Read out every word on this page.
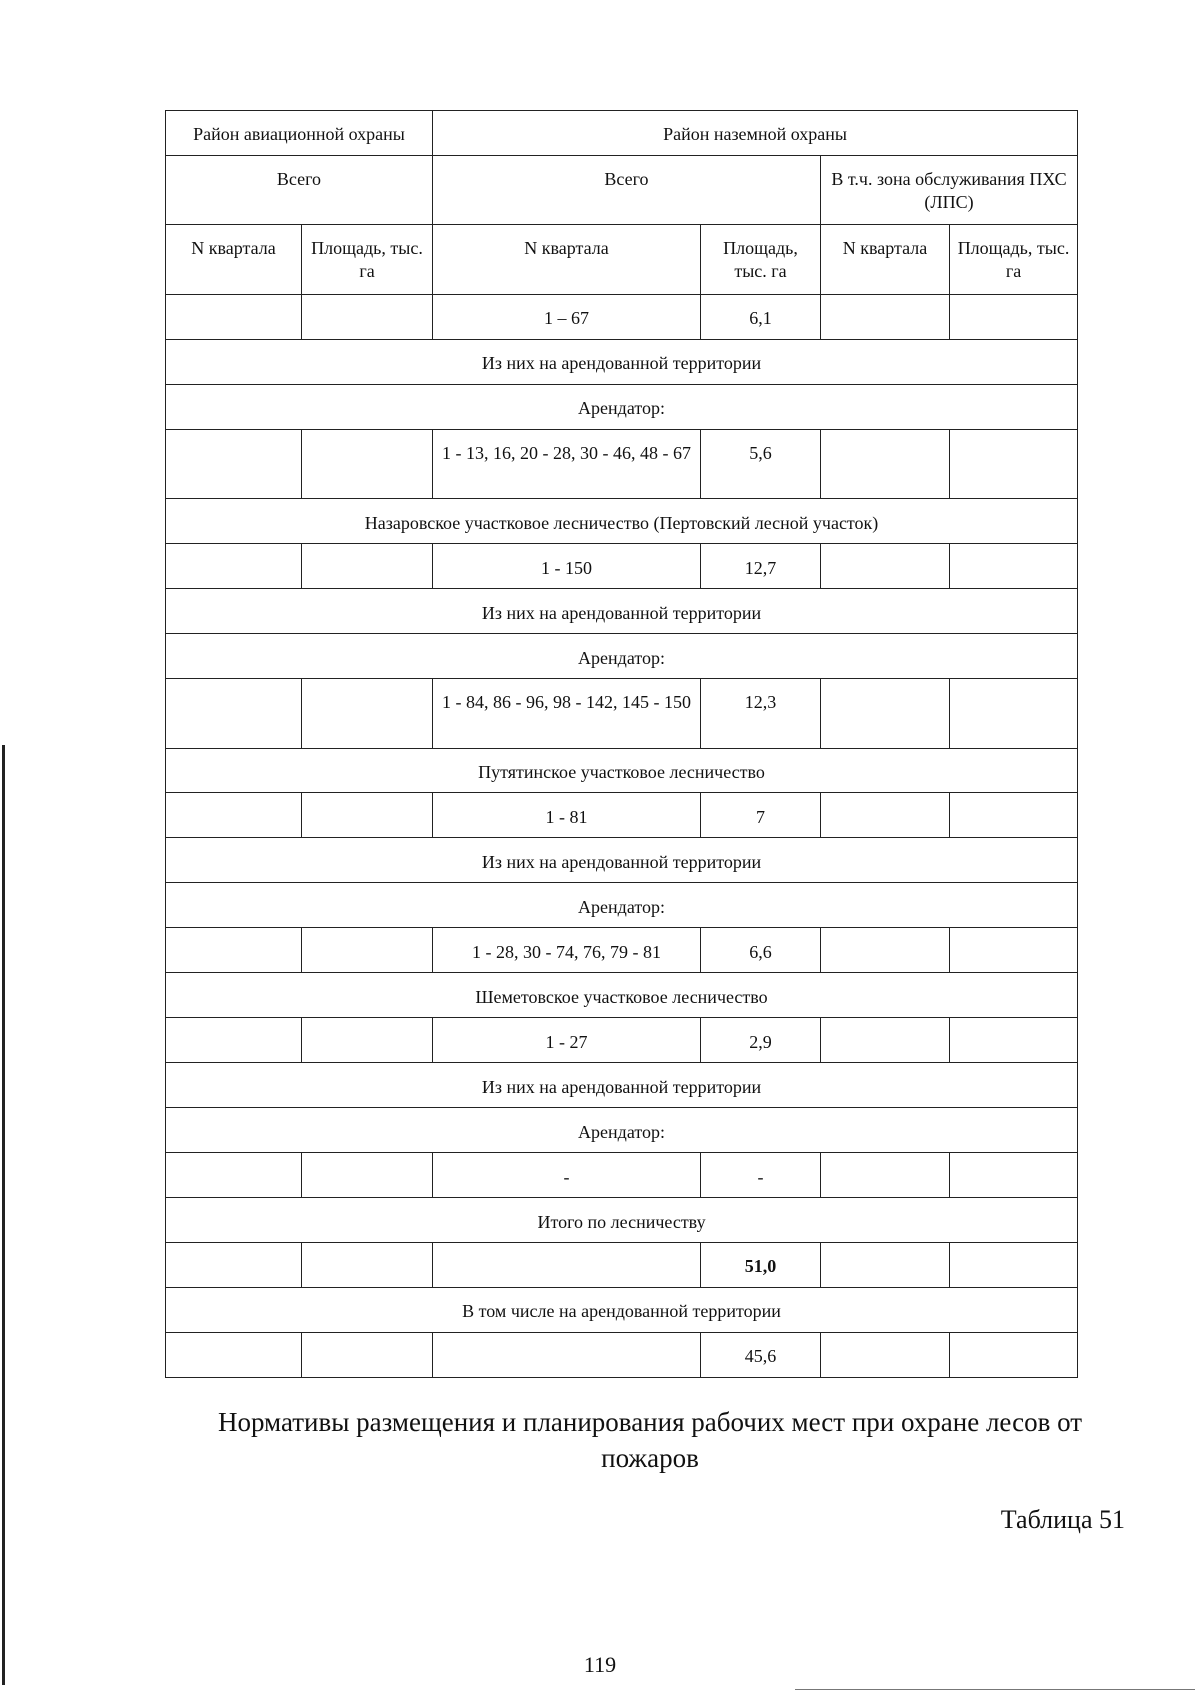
Район авиационной охраны		Район наземной охраны			
Всего		Всего		В т.ч. зона обслуживания ПХС (ЛПС)	
N квартала	Площадь, тыс. га	N квартала	Площадь, тыс. га	N квартала	Площадь, тыс. га
		1 – 67	6,1		
Из них на арендованной территории					
Арендатор:					
		1 - 13, 16, 20 - 28, 30 - 46, 48 - 67	5,6		
Назаровское участковое лесничество (Пертовский лесной участок)					
		1 - 150	12,7		
Из них на арендованной территории					
Арендатор:					
		1 - 84, 86 - 96, 98 - 142, 145 - 150	12,3		
Путятинское участковое лесничество					
		1 - 81	7		
Из них на арендованной территории					
Арендатор:					
		1 - 28, 30 - 74, 76, 79 - 81	6,6		
Шеметовское участковое лесничество					
		1 - 27	2,9		
Из них на арендованной территории					
Арендатор:					
		-	-		
Итого по лесничеству					
			51,0		
В том числе на арендованной территории					
			45,6		
Нормативы размещения и планирования рабочих мест при охране лесов от пожаров
Таблица 51
119
